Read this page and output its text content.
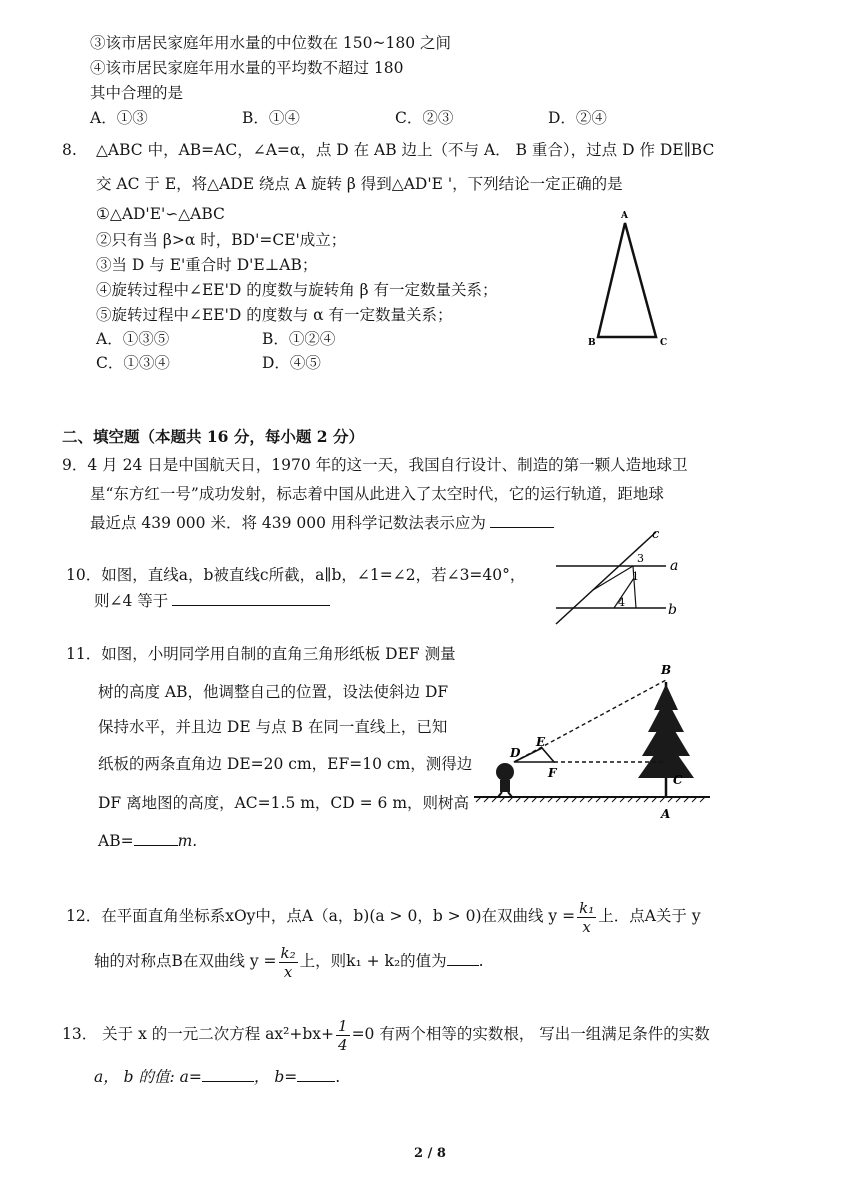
③该市居民家庭年用水量的中位数在 150~180 之间
④该市居民家庭年用水量的平均数不超过 180
其中合理的是
A．①③	B．①④	C．②③	D．②④
8. △ABC 中，AB=AC，∠A=α，点 D 在 AB 边上（不与 A． B 重合），过点 D 作 DE∥BC
交 AC 于 E，将△ADE 绕点 A 旋转 β 得到△AD'E '，下列结论一定正确的是
①△AD'E'∽△ABC
②只有当 β>α 时，BD'=CE'成立；
③当 D 与 E'重合时 D'E⊥AB；
④旋转过程中∠EE'D 的度数与旋转角 β 有一定数量关系；
⑤旋转过程中∠EE'D 的度数与 α 有一定数量关系；
A．①③⑤	B．①②④
C．①③④	D．④⑤
A
B	C
二、填空题（本题共 16 分，每小题 2 分）
9．4 月 24 日是中国航天日，1970 年的这一天，我国自行设计、制造的第一颗人造地球卫
星“东方红一号”成功发射，标志着中国从此进入了太空时代，它的运行轨道，距地球
最近点 439 000 米．将 439 000 用科学记数法表示应为
10．如图，直线a，b被直线c所截，a∥b，∠1=∠2，若∠3=40°，
则∠4 等于
c
a
b
3
1
4
11．如图，小明同学用自制的直角三角形纸板 DEF 测量
树的高度 AB，他调整自己的位置，设法使斜边 DF
保持水平，并且边 DE 与点 B 在同一直线上，已知
纸板的两条直角边 DE=20 cm，EF=10 cm，测得边
DF 离地图的高度，AC=1.5 m，CD = 6 m，则树高
AB=	m.
B
E
D
F	C
A
12．在平面直角坐标系xOy中，点A（a，b)(a > 0，b > 0)在双曲线 $y = \frac{\text{k₁}}{x}$ 上．点A关于 y
轴的对称点B在双曲线 $y = \frac{\text{k₂}}{x}$ 上，则k₁ + k₂的值为 .
13． 关于 x 的一元二次方程 $ax^2+bx+ \frac{1}{4} =0$ 有两个相等的实数根， 写出一组满足条件的实数
a， b 的值: a=	， b= .
2 / 8
